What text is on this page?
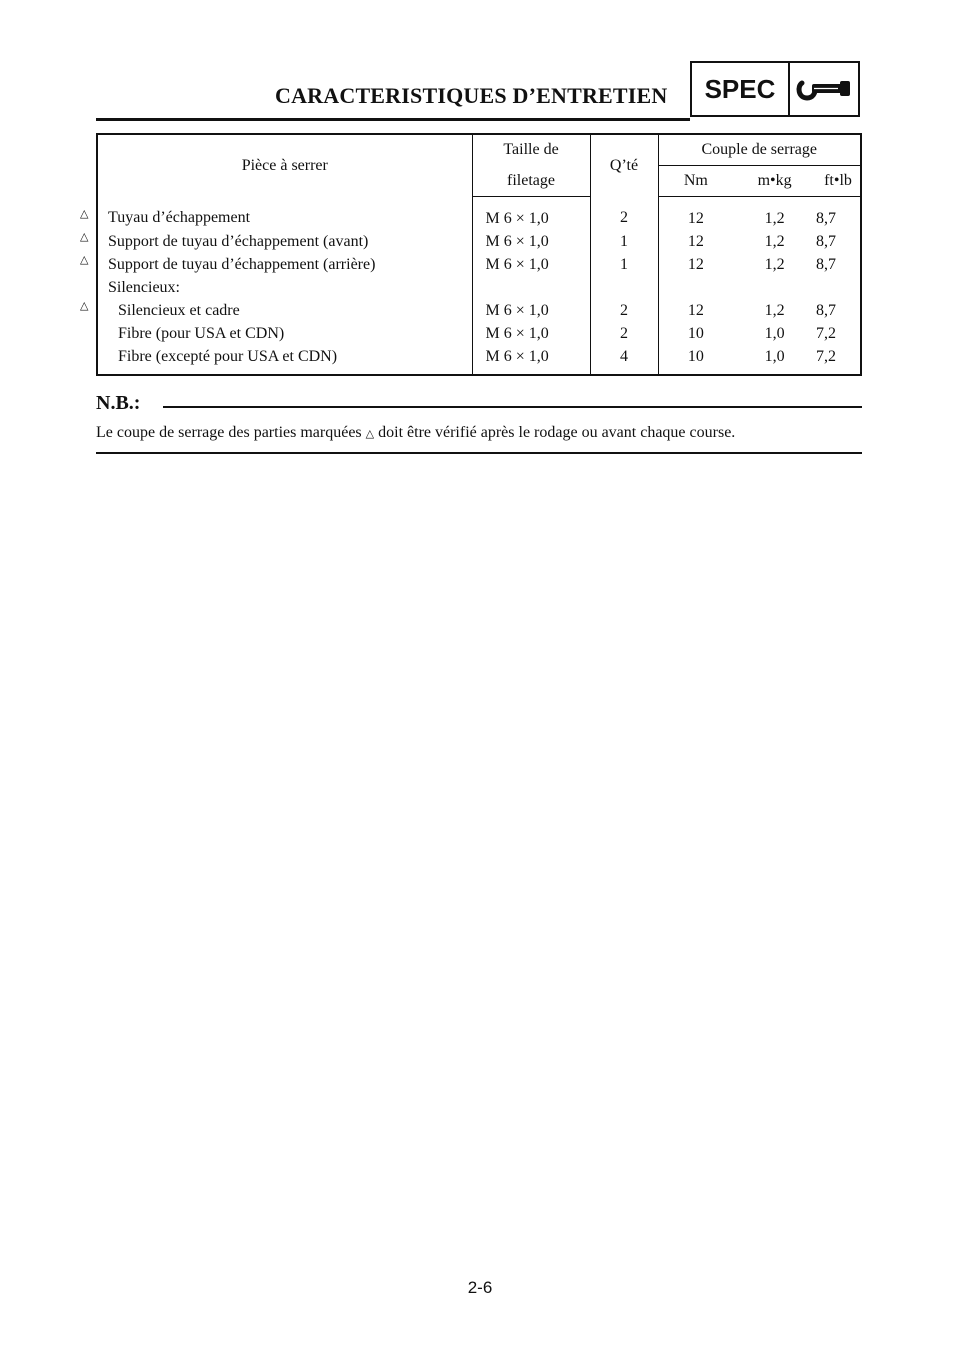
CARACTERISTIQUES D’ENTRETIEN	SPEC
Pièce à serrer	Taille de	Q’té	Couple de serrage		
	filetage		Nm	m•kg	ft•lb
Tuyau d’échappement	M 6 × 1,0	2	12	1,2	8,7
Support de tuyau d’échappement (avant)	M 6 × 1,0	1	12	1,2	8,7
Support de tuyau d’échappement (arrière)	M 6 × 1,0	1	12	1,2	8,7
Silencieux:					
Silencieux et cadre	M 6 × 1,0	2	12	1,2	8,7
Fibre (pour USA et CDN)	M 6 × 1,0	2	10	1,0	7,2
Fibre (excepté pour USA et CDN)	M 6 × 1,0	4	10	1,0	7,2
△
△
△
△
N.B.:
Le coupe de serrage des parties marquées △ doit être vérifié après le rodage ou avant chaque course.
2-6
